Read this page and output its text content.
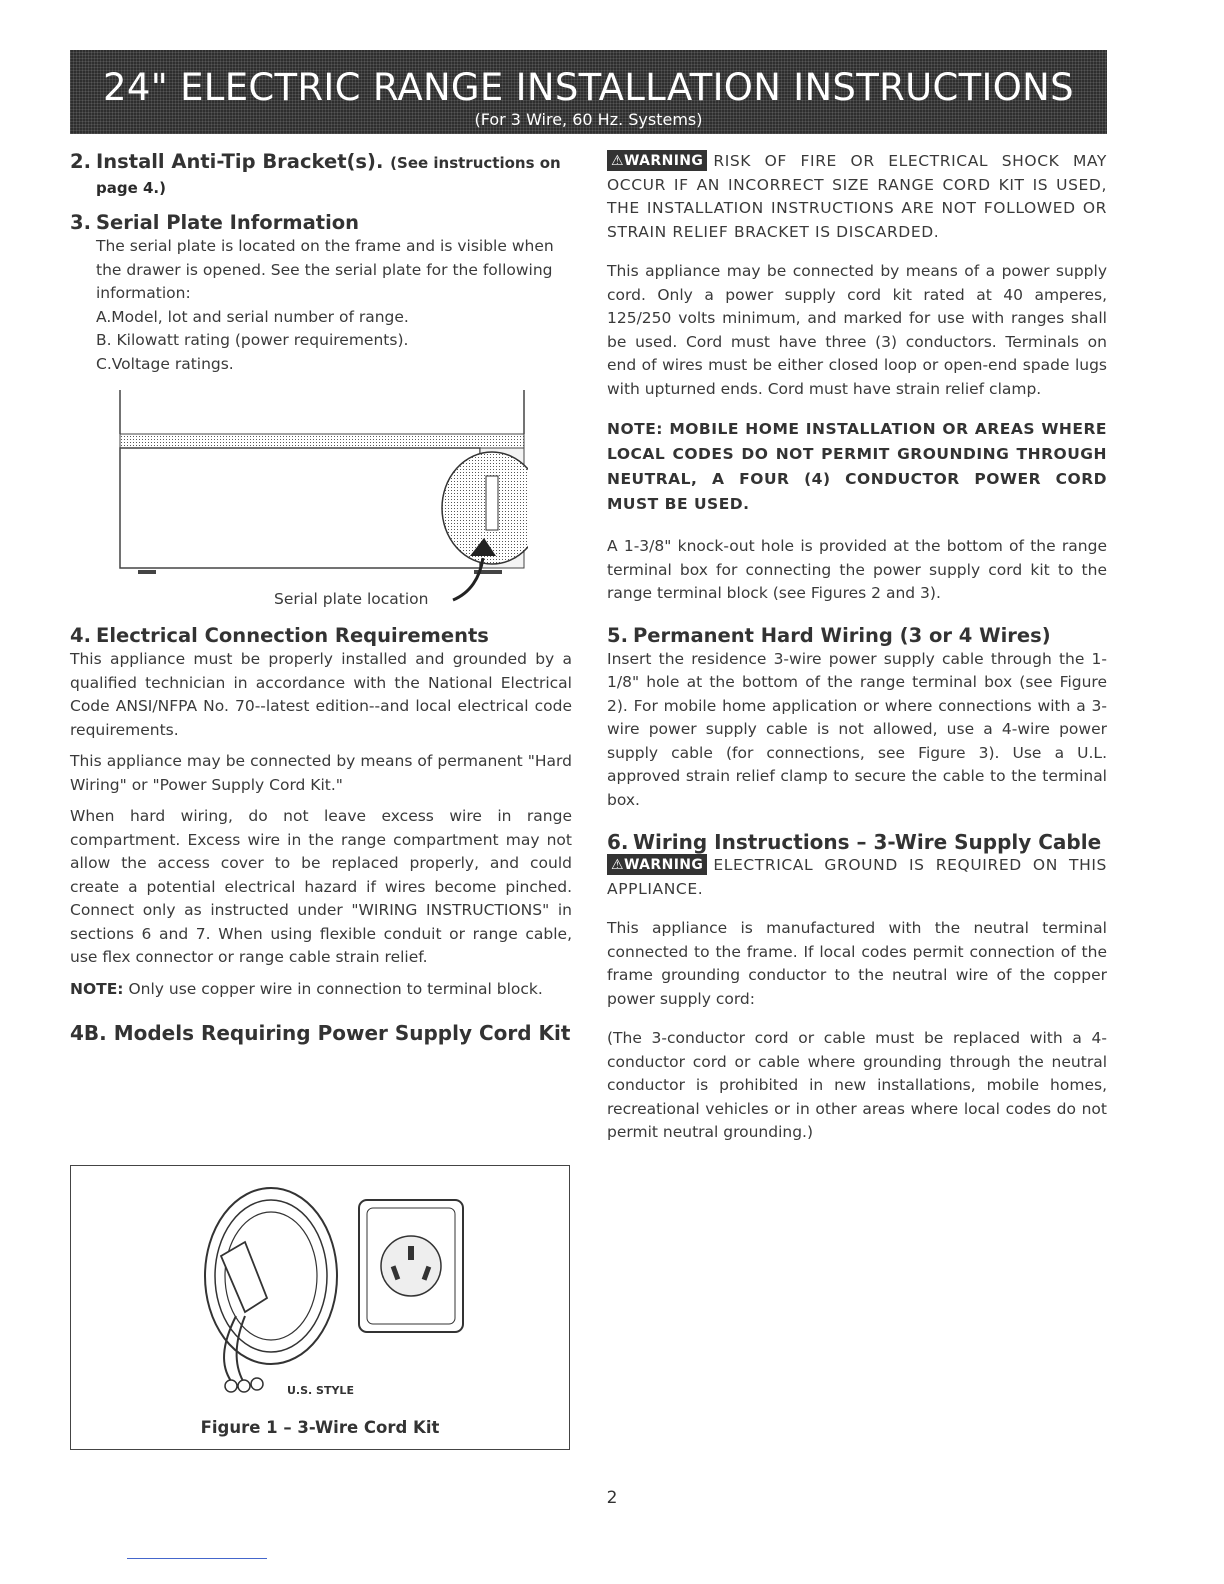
24" ELECTRIC RANGE INSTALLATION INSTRUCTIONS
(For 3 Wire, 60 Hz. Systems)
2. Install Anti-Tip Bracket(s). (See instructions on
page 4.)
3. Serial Plate Information

The serial plate is located on the frame and is visible when the drawer is opened. See the serial plate for the following information:

A.Model, lot and serial number of range.

B. Kilowatt rating (power requirements).

C.Voltage ratings.

Serial plate location
4. Electrical Connection Requirements

This appliance must be properly installed and grounded by a qualified technician in accordance with the National Electrical Code ANSI/NFPA No. 70--latest edition--and local electrical code requirements.

This appliance may be connected by means of permanent "Hard Wiring" or "Power Supply Cord Kit."

When hard wiring, do not leave excess wire in range compartment. Excess wire in the range compartment may not allow the access cover to be replaced properly, and could create a potential electrical hazard if wires become pinched. Connect only as instructed under "WIRING INSTRUCTIONS" in sections 6 and 7. When using flexible conduit or range cable, use flex connector or range cable strain relief.

NOTE: Only use copper wire in connection to terminal block.

4B. Models Requiring Power Supply Cord Kit
U.S. STYLE
Figure 1 – 3-Wire Cord Kit

⚠WARNING RISK OF FIRE OR ELECTRICAL SHOCK MAY OCCUR IF AN INCORRECT SIZE RANGE CORD KIT IS USED, THE INSTALLATION INSTRUCTIONS ARE NOT FOLLOWED OR STRAIN RELIEF BRACKET IS DISCARDED.

This appliance may be connected by means of a power supply cord. Only a power supply cord kit rated at 40 amperes, 125/250 volts minimum, and marked for use with ranges shall be used. Cord must have three (3) conductors. Terminals on end of wires must be either closed loop or open-end spade lugs with upturned ends. Cord must have strain relief clamp.

NOTE: MOBILE HOME INSTALLATION OR AREAS WHERE LOCAL CODES DO NOT PERMIT GROUNDING THROUGH NEUTRAL, A FOUR (4) CONDUCTOR POWER CORD MUST BE USED.

A 1-3/8" knock-out hole is provided at the bottom of the range terminal box for connecting the power supply cord kit to the range terminal block (see Figures 2 and 3).

5. Permanent Hard Wiring (3 or 4 Wires)

Insert the residence 3-wire power supply cable through the 1-1/8" hole at the bottom of the range terminal box (see Figure 2). For mobile home application or where connections with a 3-wire power supply cable is not allowed, use a 4-wire power supply cable (for connections, see Figure 3). Use a U.L. approved strain relief clamp to secure the cable to the terminal box.

6. Wiring Instructions – 3-Wire Supply Cable

⚠WARNING ELECTRICAL GROUND IS REQUIRED ON THIS APPLIANCE.

This appliance is manufactured with the neutral terminal connected to the frame. If local codes permit connection of the frame grounding conductor to the neutral wire of the copper power supply cord:

(The 3-conductor cord or cable must be replaced with a 4-conductor cord or cable where grounding through the neutral conductor is prohibited in new installations, mobile homes, recreational vehicles or in other areas where local codes do not permit neutral grounding.)

2
